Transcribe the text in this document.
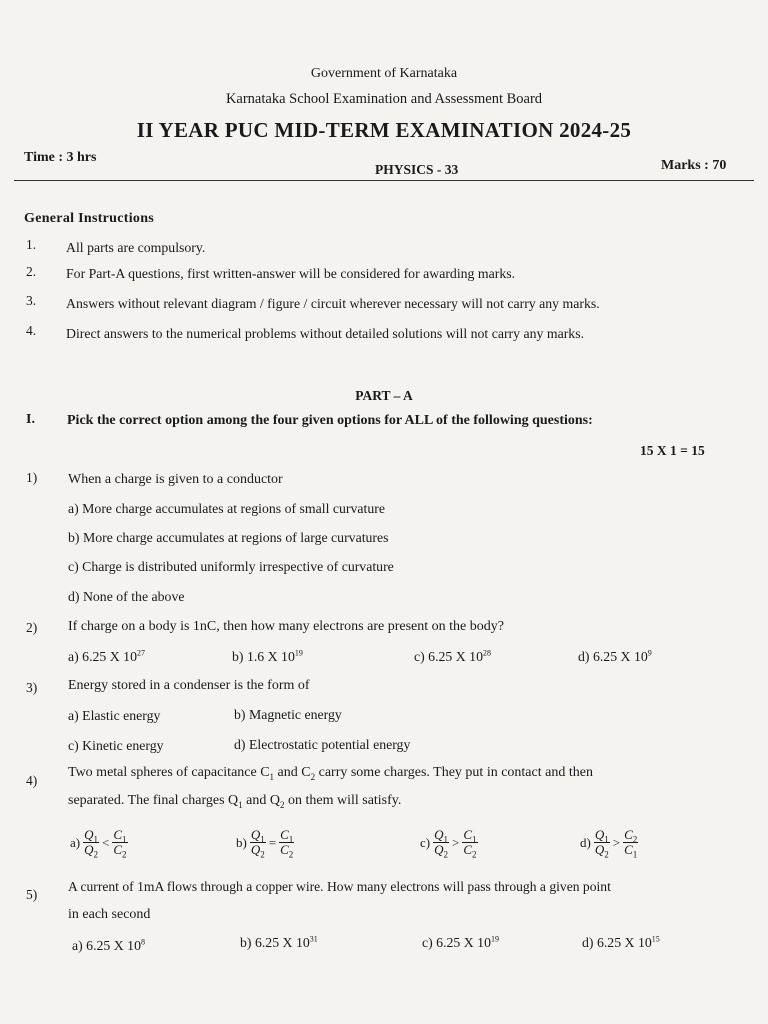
Government of Karnataka
Karnataka School Examination and Assessment Board
II YEAR PUC MID-TERM EXAMINATION 2024-25
Time : 3 hrs
PHYSICS - 33	Marks : 70
General Instructions
1. All parts are compulsory.
2. For Part-A questions, first written-answer will be considered for awarding marks.
3. Answers without relevant diagram / figure / circuit wherever necessary will not carry any marks.
4. Direct answers to the numerical problems without detailed solutions will not carry any marks.
PART – A
I. Pick the correct option among the four given options for ALL of the following questions:
15 X 1 = 15
1) When a charge is given to a conductor
a) More charge accumulates at regions of small curvature
b) More charge accumulates at regions of large curvatures
c) Charge is distributed uniformly irrespective of curvature
d) None of the above
2) If charge on a body is 1nC, then how many electrons are present on the body?
a) 6.25 X $10^{27}$	b) 1.6 X $10^{19}$	c) 6.25 X $10^{28}$	d) 6.25 X $10^9$
3) Energy stored in a condenser is the form of
a) Elastic energy	b) Magnetic energy
c) Kinetic energy	d) Electrostatic potential energy
4)
Two metal spheres of capacitance $C_1$ and $C_2$ carry some charges. They put in contact and then
separated. The final charges $Q_1$ and $Q_2$ on them will satisfy.
$a) \frac{Q_1}{Q_2} < \frac{C_1}{C_2}$	$b) \frac{Q_1}{Q_2} = \frac{C_1}{C_2}$	$c) \frac{Q_1}{Q_2} > \frac{C_1}{C_2}$	$d) \frac{Q_1}{Q_2} > \frac{C_2}{C_1}$
5)
A current of 1mA flows through a copper wire. How many electrons will pass through a given point
in each second
a) 6.25 X $10^8$	b) 6.25 X $10^{31}$	c) 6.25 X $10^{19}$	d) 6.25 X $10^{15}$
